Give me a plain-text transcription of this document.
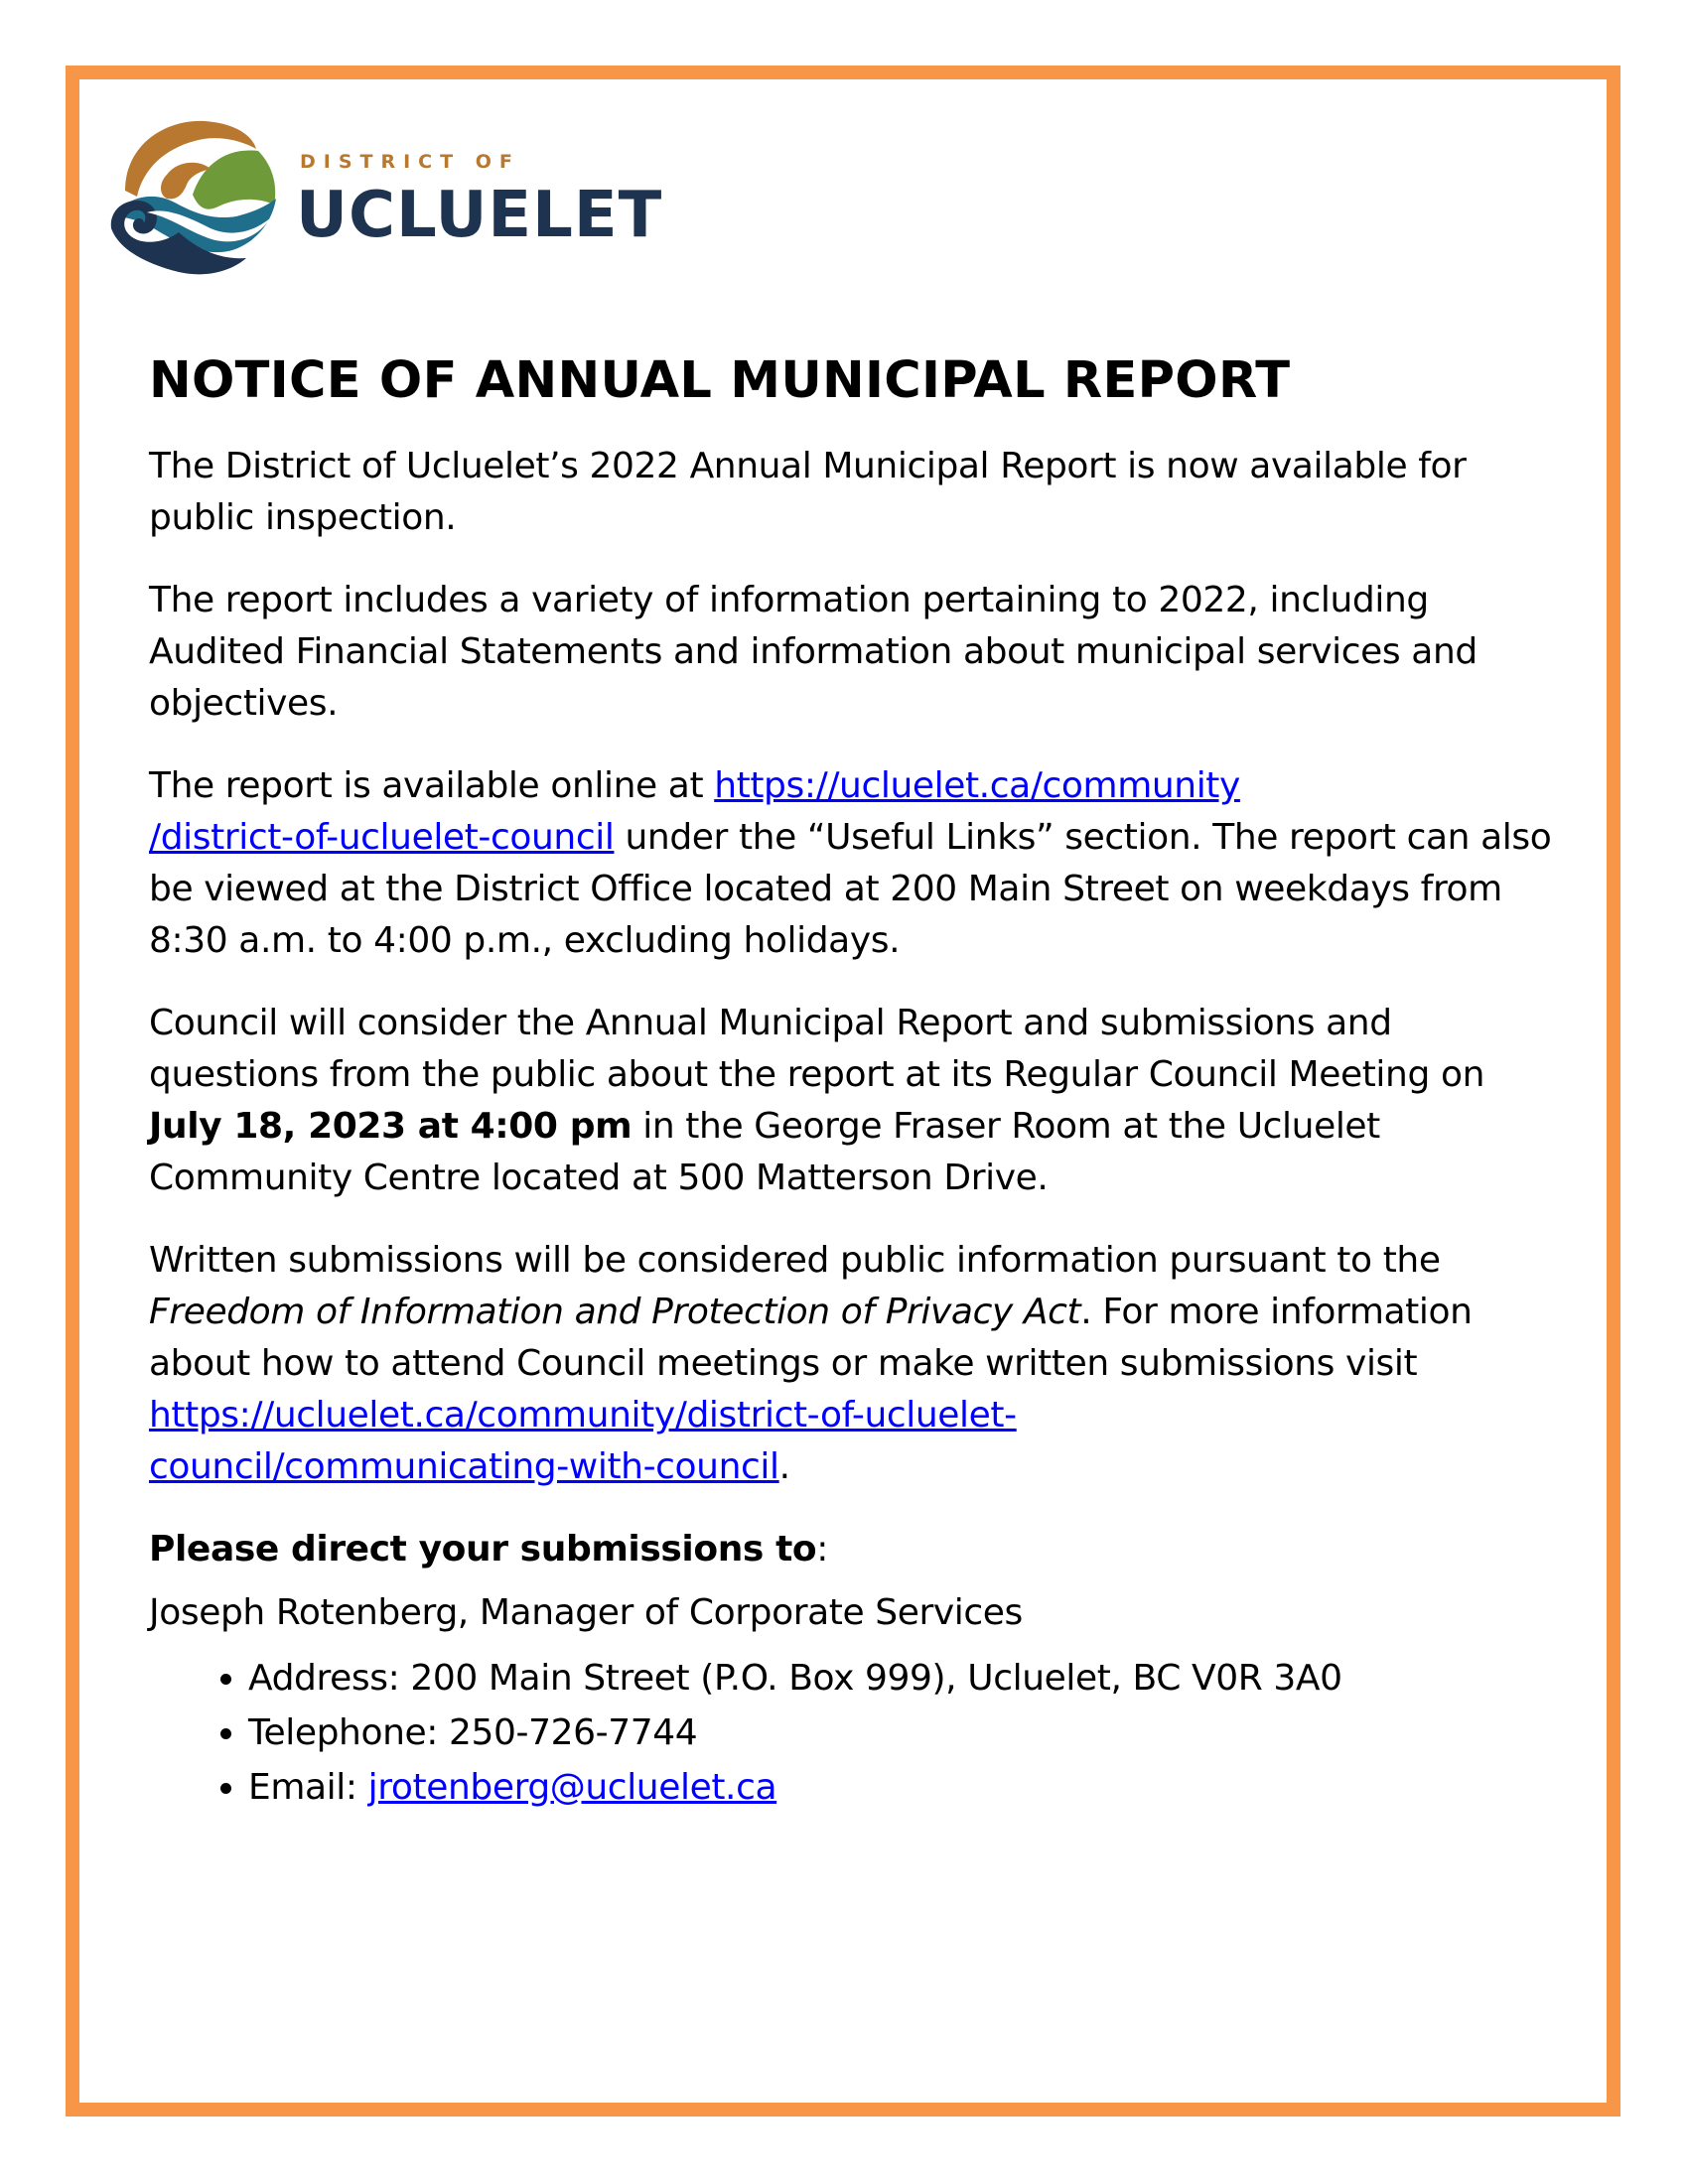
DISTRICT OF
UCLUELET
NOTICE OF ANNUAL MUNICIPAL REPORT

The District of Ucluelet’s 2022 Annual Municipal Report is now available for public inspection.

The report includes a variety of information pertaining to 2022, including Audited Financial Statements and information about municipal services and objectives.

The report is available online at https://ucluelet.ca/community
/district-of-ucluelet-council under the “Useful Links” section. The report can also be viewed at the District Office located at 200 Main Street on weekdays from 8:30 a.m. to 4:00 p.m., excluding holidays.

Council will consider the Annual Municipal Report and submissions and questions from the public about the report at its Regular Council Meeting on July 18, 2023 at 4:00 pm in the George Fraser Room at the Ucluelet Community Centre located at 500 Matterson Drive.

Written submissions will be considered public information pursuant to the Freedom of Information and Protection of Privacy Act. For more information about how to attend Council meetings or make written submissions visit https://ucluelet.ca/community/district-of-ucluelet-
council/communicating-with-council.

Please direct your submissions to:

Joseph Rotenberg, Manager of Corporate Services

• Address: 200 Main Street (P.O. Box 999), Ucluelet, BC V0R 3A0
• Telephone: 250-726-7744
• Email: jrotenberg@ucluelet.ca
